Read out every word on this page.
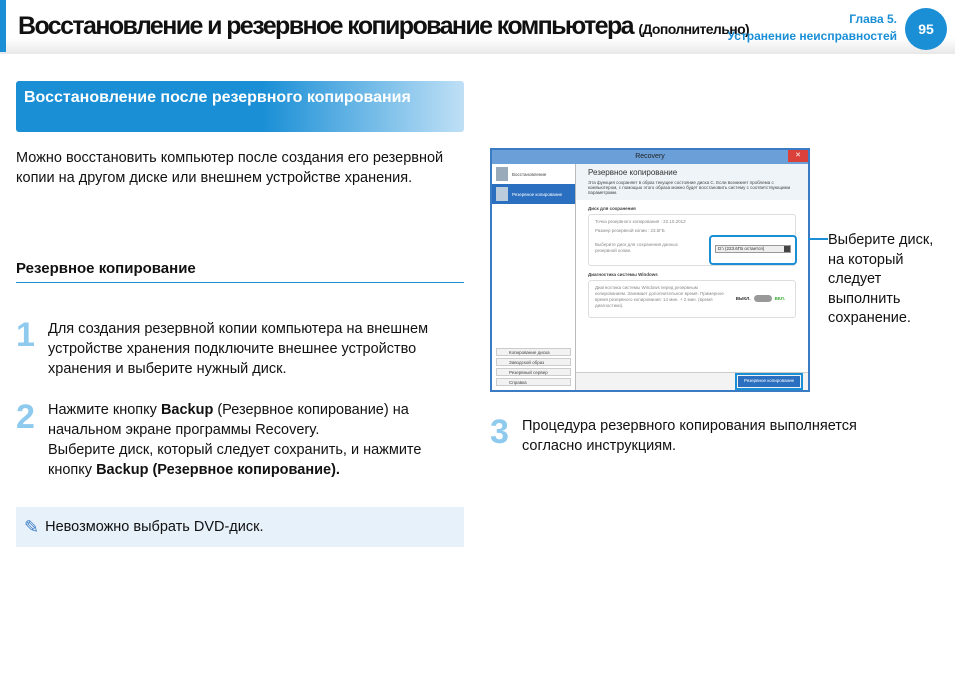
Восстановление и резервное копирование компьютера (Дополнительно)
Глава 5.
Устранение неисправностей	95
Восстановление после резервного копирования
Можно восстановить компьютер после создания его резервной копии на другом диске или внешнем устройстве хранения.
Резервное копирование
1 Для создания резервной копии компьютера на внешнем устройстве хранения подключите внешнее устройство хранения и выберите нужный диск.
2 Нажмите кнопку Backup (Резервное копирование) на начальном экране программы Recovery.
Выберите диск, который следует сохранить, и нажмите кнопку Backup (Резервное копирование).
✎ Невозможно выбрать DVD-диск.
Recovery	✕
Восстановление
Резервное копирование
Копирование диска
Заводской образ
Резервный сервер
Справка
Резервное копирование
Эта функция сохраняет в образ текущее состояние диска C. Если возникнет проблема с компьютером, с помощью этого образа можно будет восстановить систему с соответствующими параметрами.
Диск для сохранения
Точка резервного копирования : 22.10.2012
Размер резервной копии : 23.5ГБ
Выберите диск для сохранения данных резервной копии.	D:\ (223.6ГБ остается)
Диагностика системы Windows
Диагностика системы Windows перед резервным копированием. Занимает дополнительное время. Примерное время резервного копирования: 14 мин. + 2 мин. (время диагностики).
ВЫКЛ.	ВКЛ.
Резервное копирование
Выберите диск, на который следует выполнить сохранение.
3 Процедура резервного копирования выполняется согласно инструкциям.
